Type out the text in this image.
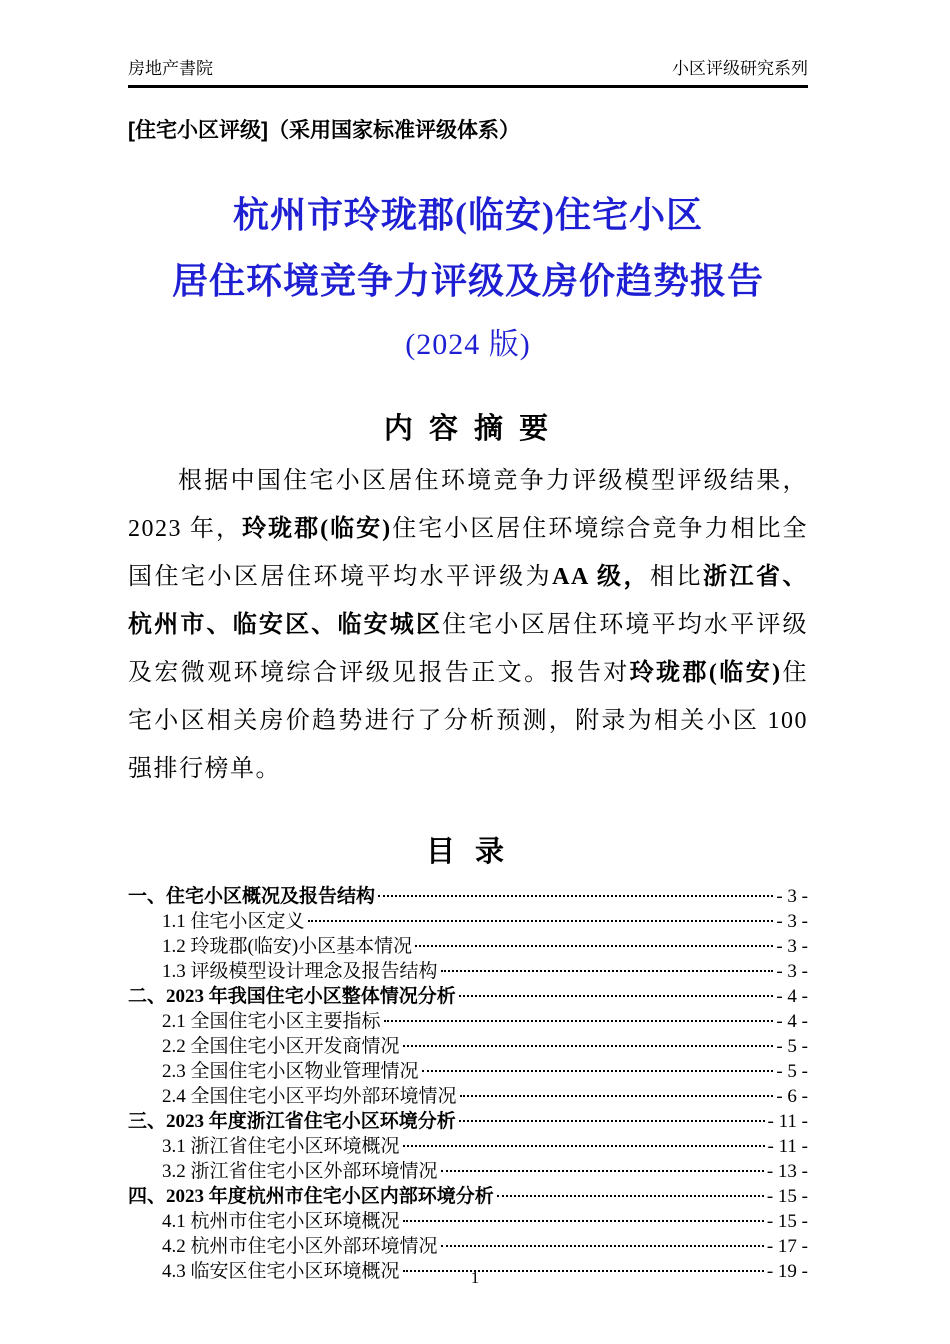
房地产書院	小区评级研究系列
[住宅小区评级]（采用国家标准评级体系）
杭州市玲珑郡(临安)住宅小区
居住环境竞争力评级及房价趋势报告
(2024 版)
内 容 摘 要

根据中国住宅小区居住环境竞争力评级模型评级结果，2023 年，玲珑郡(临安)住宅小区居住环境综合竞争力相比全国住宅小区居住环境平均水平评级为AA 级，相比浙江省、杭州市、临安区、临安城区住宅小区居住环境平均水平评级及宏微观环境综合评级见报告正文。报告对玲珑郡(临安)住宅小区相关房价趋势进行了分析预测，附录为相关小区 100 强排行榜单。

目 录
一、住宅小区概况及报告结构	- 3 -
1.1 住宅小区定义	- 3 -
1.2 玲珑郡(临安)小区基本情况	- 3 -
1.3 评级模型设计理念及报告结构	- 3 -
二、2023 年我国住宅小区整体情况分析	- 4 -
2.1 全国住宅小区主要指标	- 4 -
2.2 全国住宅小区开发商情况	- 5 -
2.3 全国住宅小区物业管理情况	- 5 -
2.4 全国住宅小区平均外部环境情况	- 6 -
三、2023 年度浙江省住宅小区环境分析	- 11 -
3.1 浙江省住宅小区环境概况	- 11 -
3.2 浙江省住宅小区外部环境情况	- 13 -
四、2023 年度杭州市住宅小区内部环境分析	- 15 -
4.1 杭州市住宅小区环境概况	- 15 -
4.2 杭州市住宅小区外部环境情况	- 17 -
4.3 临安区住宅小区环境概况	- 19 -
1
